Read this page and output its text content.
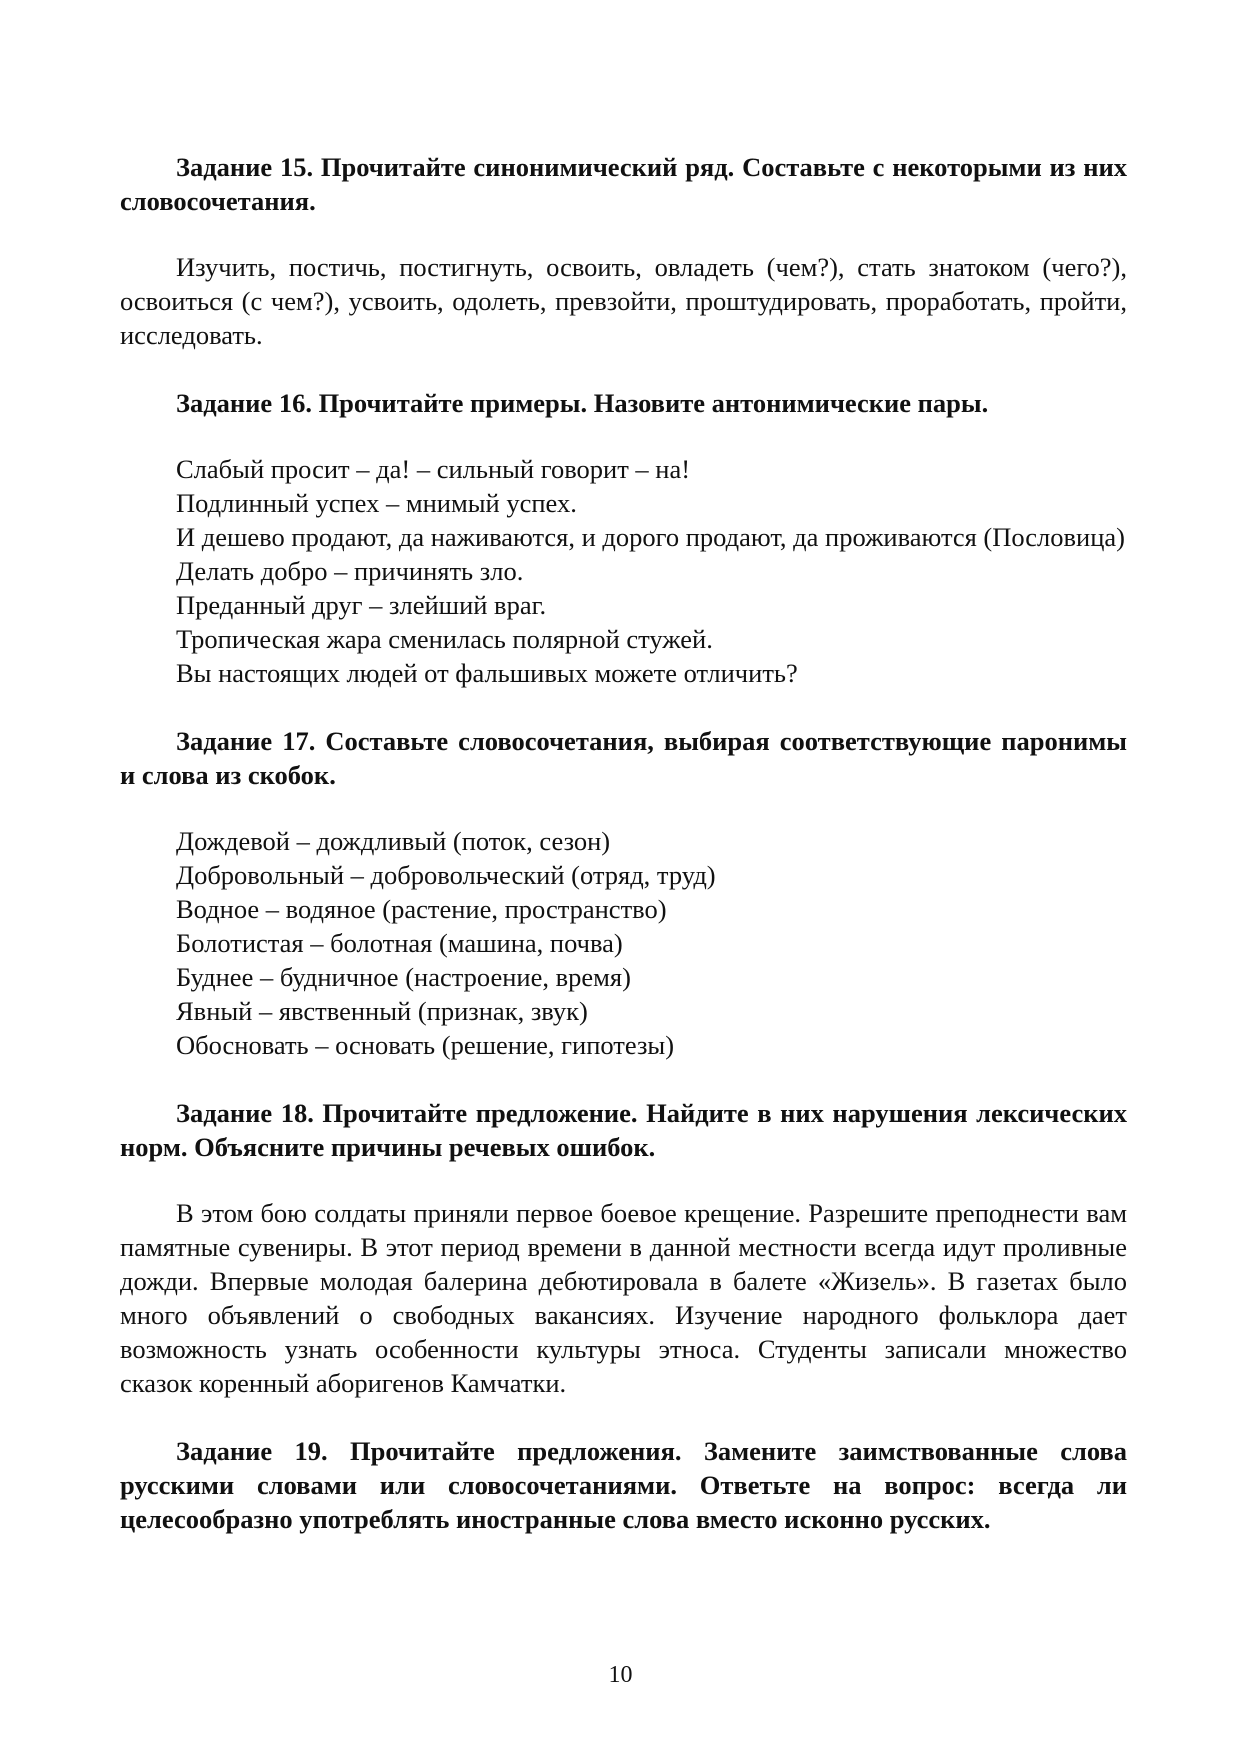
Задание 15. Прочитайте синонимический ряд. Составьте с некоторыми из них словосочетания.

Изучить, постичь, постигнуть, освоить, овладеть (чем?), стать знатоком (чего?), освоиться (с чем?), усвоить, одолеть, превзойти, проштудировать, проработать, пройти, исследовать.

Задание 16. Прочитайте примеры. Назовите антонимические пары.

Слабый просит – да! – сильный говорит – на!
Подлинный успех – мнимый успех.
И дешево продают, да наживаются, и дорого продают, да проживаются (Пословица)
Делать добро – причинять зло.
Преданный друг – злейший враг.
Тропическая жара сменилась полярной стужей.
Вы настоящих людей от фальшивых можете отличить?

Задание 17. Составьте словосочетания, выбирая соответствующие паронимы и слова из скобок.

Дождевой – дождливый (поток, сезон)
Добровольный – добровольческий (отряд, труд)
Водное – водяное (растение, пространство)
Болотистая – болотная (машина, почва)
Буднее – будничное (настроение, время)
Явный – явственный (признак, звук)
Обосновать – основать (решение, гипотезы)

Задание 18. Прочитайте предложение. Найдите в них нарушения лексических норм. Объясните причины речевых ошибок.

В этом бою солдаты приняли первое боевое крещение. Разрешите преподнести вам памятные сувениры. В этот период времени в данной местности всегда идут проливные дожди. Впервые молодая балерина дебютировала в балете «Жизель». В газетах было много объявлений о свободных вакансиях. Изучение народного фольклора дает возможность узнать особенности культуры этноса. Студенты записали множество сказок коренный аборигенов Камчатки.

Задание 19. Прочитайте предложения. Замените заимствованные слова русскими словами или словосочетаниями. Ответьте на вопрос: всегда ли целесообразно употреблять иностранные слова вместо исконно русских.

10
